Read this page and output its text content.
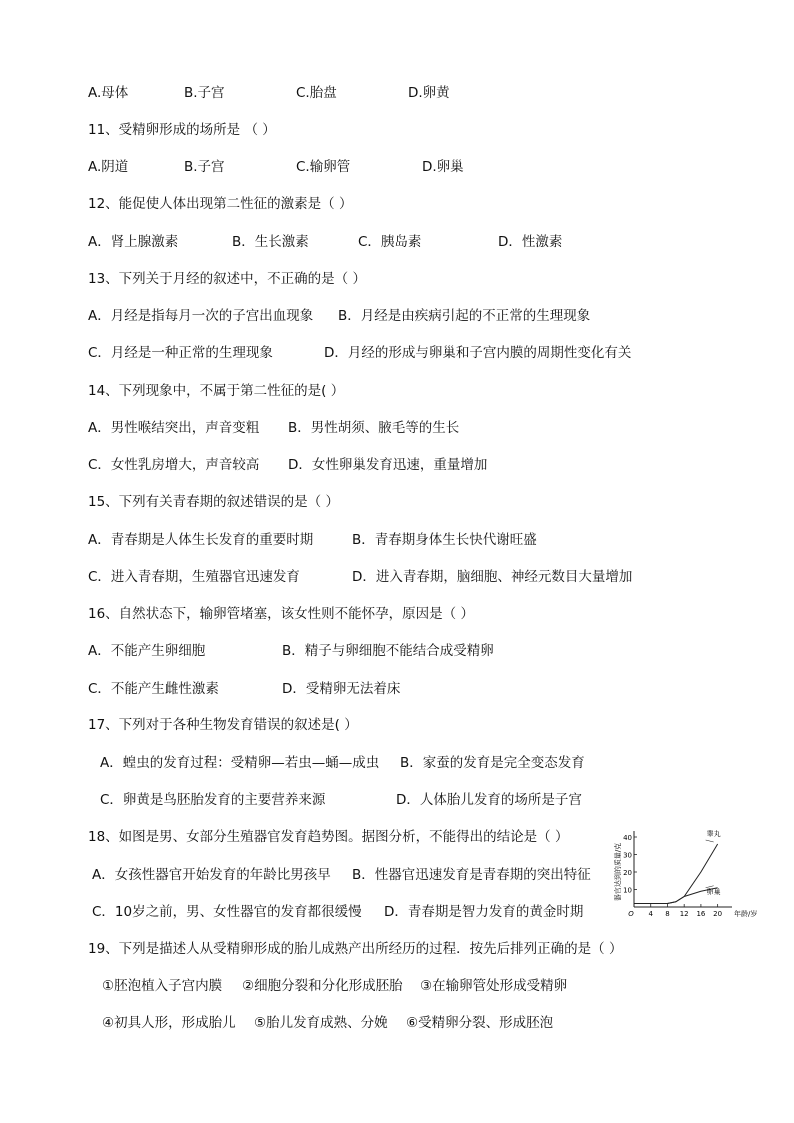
A.母体	B.子宫	C.胎盘	D.卵黄
11、受精卵形成的场所是 （ ）
A.阴道	B.子宫	C.输卵管	D.卵巢
12、能促使人体出现第二性征的激素是（ ）
A．肾上腺激素	B．生长激素	C．胰岛素	D．性激素
13、下列关于月经的叙述中，不正确的是（ ）
A．月经是指每月一次的子宫出血现象 B．月经是由疾病引起的不正常的生理现象
C．月经是一种正常的生理现象	D．月经的形成与卵巢和子宫内膜的周期性变化有关
14、下列现象中，不属于第二性征的是( ）
A．男性喉结突出，声音变粗 B．男性胡须、腋毛等的生长
C．女性乳房增大，声音较高 D．女性卵巢发育迅速，重量增加
15、下列有关青春期的叙述错误的是（ ）
A．青春期是人体生长发育的重要时期	B．青春期身体生长快代谢旺盛
C．进入青春期，生殖器官迅速发育	D．进入青春期，脑细胞、神经元数目大量增加
16、自然状态下，输卵管堵塞，该女性则不能怀孕，原因是（ ）
A．不能产生卵细胞	B．精子与卵细胞不能结合成受精卵
C．不能产生雌性激素	D．受精卵无法着床
17、下列对于各种生物发育错误的叙述是( ）
A．蝗虫的发育过程：受精卵—若虫—蛹—成虫 B．家蚕的发育是完全变态发育
C．卵黄是鸟胚胎发育的主要营养来源	D．人体胎儿发育的场所是子宫
18、如图是男、女部分生殖器官发育趋势图。据图分析，不能得出的结论是（ ）
A．女孩性器官开始发育的年龄比男孩早 B．性器官迅速发育是青春期的突出特征
C．10岁之前，男、女性器官的发育都很缓慢 D．青春期是智力发育的黄金时期
10
20
30
40
O 4 8 12 16 20 年龄/岁
器官达到的质量/克
睾丸
卵巢
19、下列是描述人从受精卵形成的胎儿成熟产出所经历的过程．按先后排列正确的是（ ）
①胚泡植入子宫内膜 ②细胞分裂和分化形成胚胎 ③在输卵管处形成受精卵
④初具人形，形成胎儿 ⑤胎儿发育成熟、分娩 ⑥受精卵分裂、形成胚泡
